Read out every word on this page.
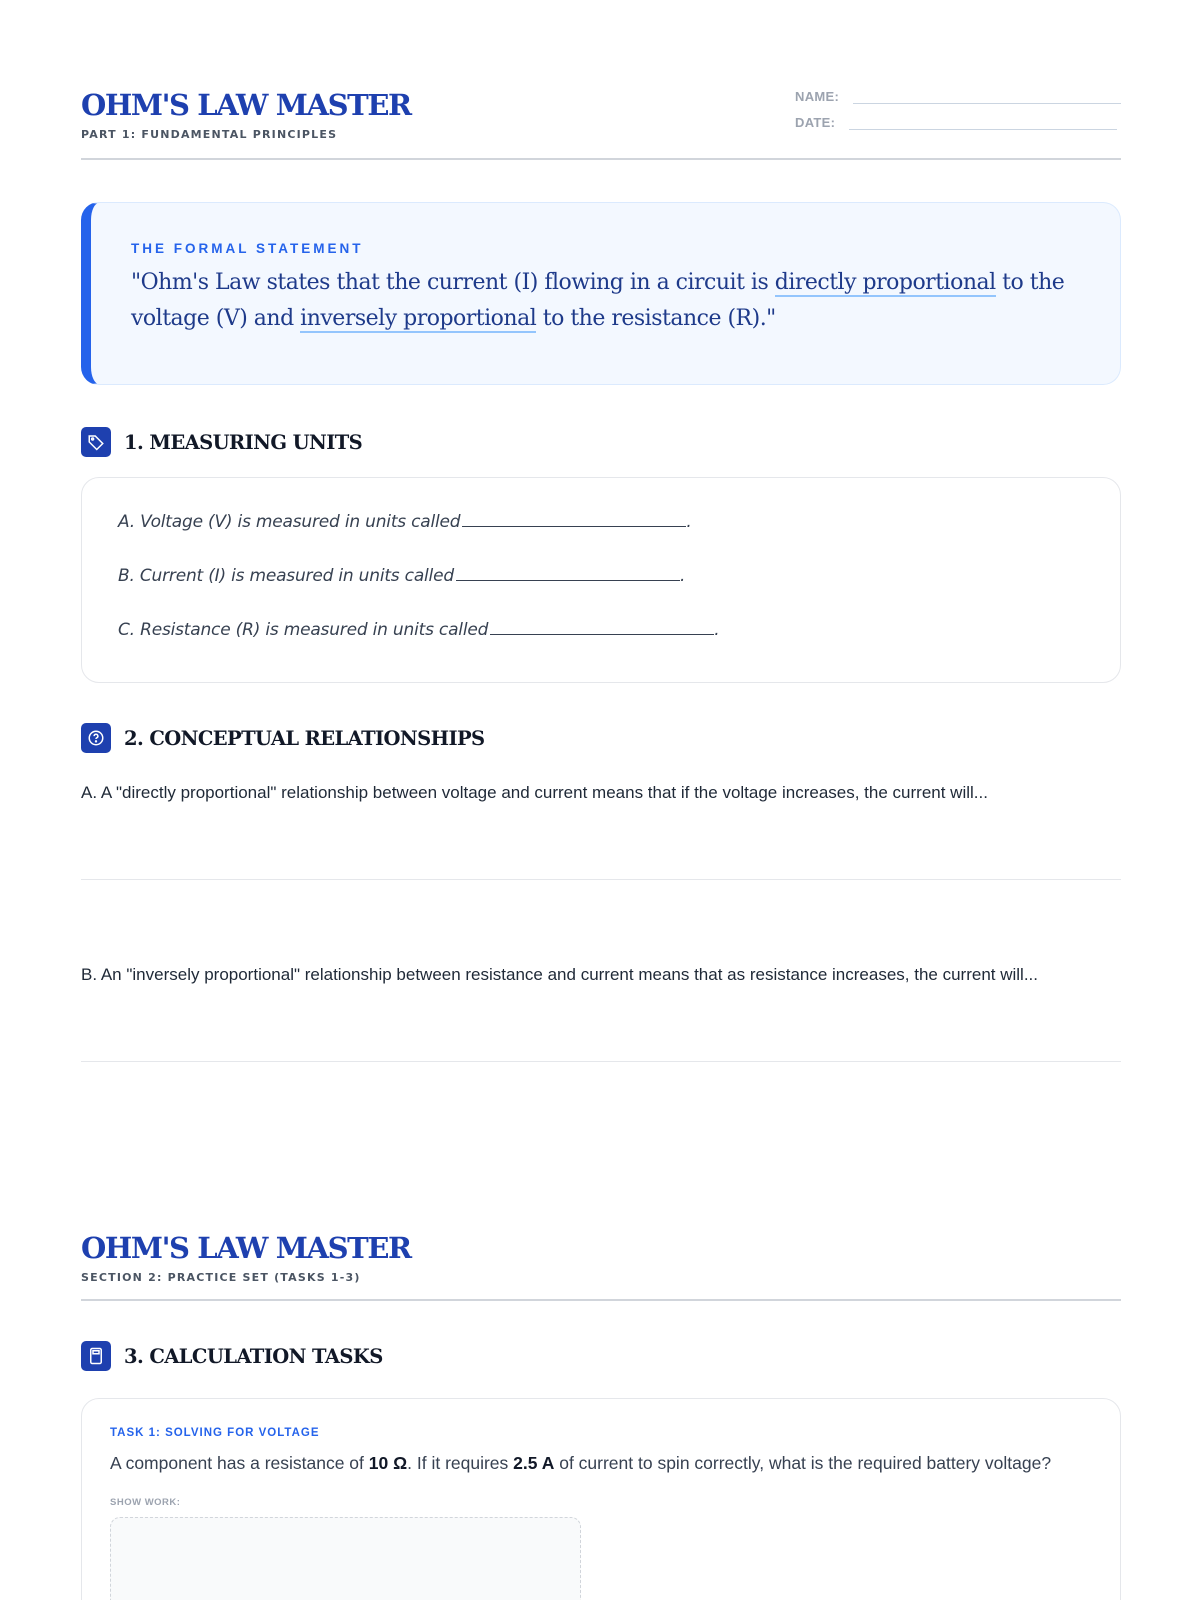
OHM'S LAW MASTER
PART 1: FUNDAMENTAL PRINCIPLES
NAME:
DATE:
THE FORMAL STATEMENT
"Ohm's Law states that the current (I) flowing in a circuit is directly proportional to the voltage (V) and inversely proportional to the resistance (R)."
1. MEASURING UNITS
A. Voltage (V) is measured in units called	.
B. Current (I) is measured in units called	.
C. Resistance (R) is measured in units called	.
2. CONCEPTUAL RELATIONSHIPS
A. A "directly proportional" relationship between voltage and current means that if the voltage increases, the current will...
B. An "inversely proportional" relationship between resistance and current means that as resistance increases, the current will...
OHM'S LAW MASTER
SECTION 2: PRACTICE SET (TASKS 1-3)
3. CALCULATION TASKS
TASK 1: SOLVING FOR VOLTAGE
A component has a resistance of 10 Ω. If it requires 2.5 A of current to spin correctly, what is the required battery voltage?
SHOW WORK:
